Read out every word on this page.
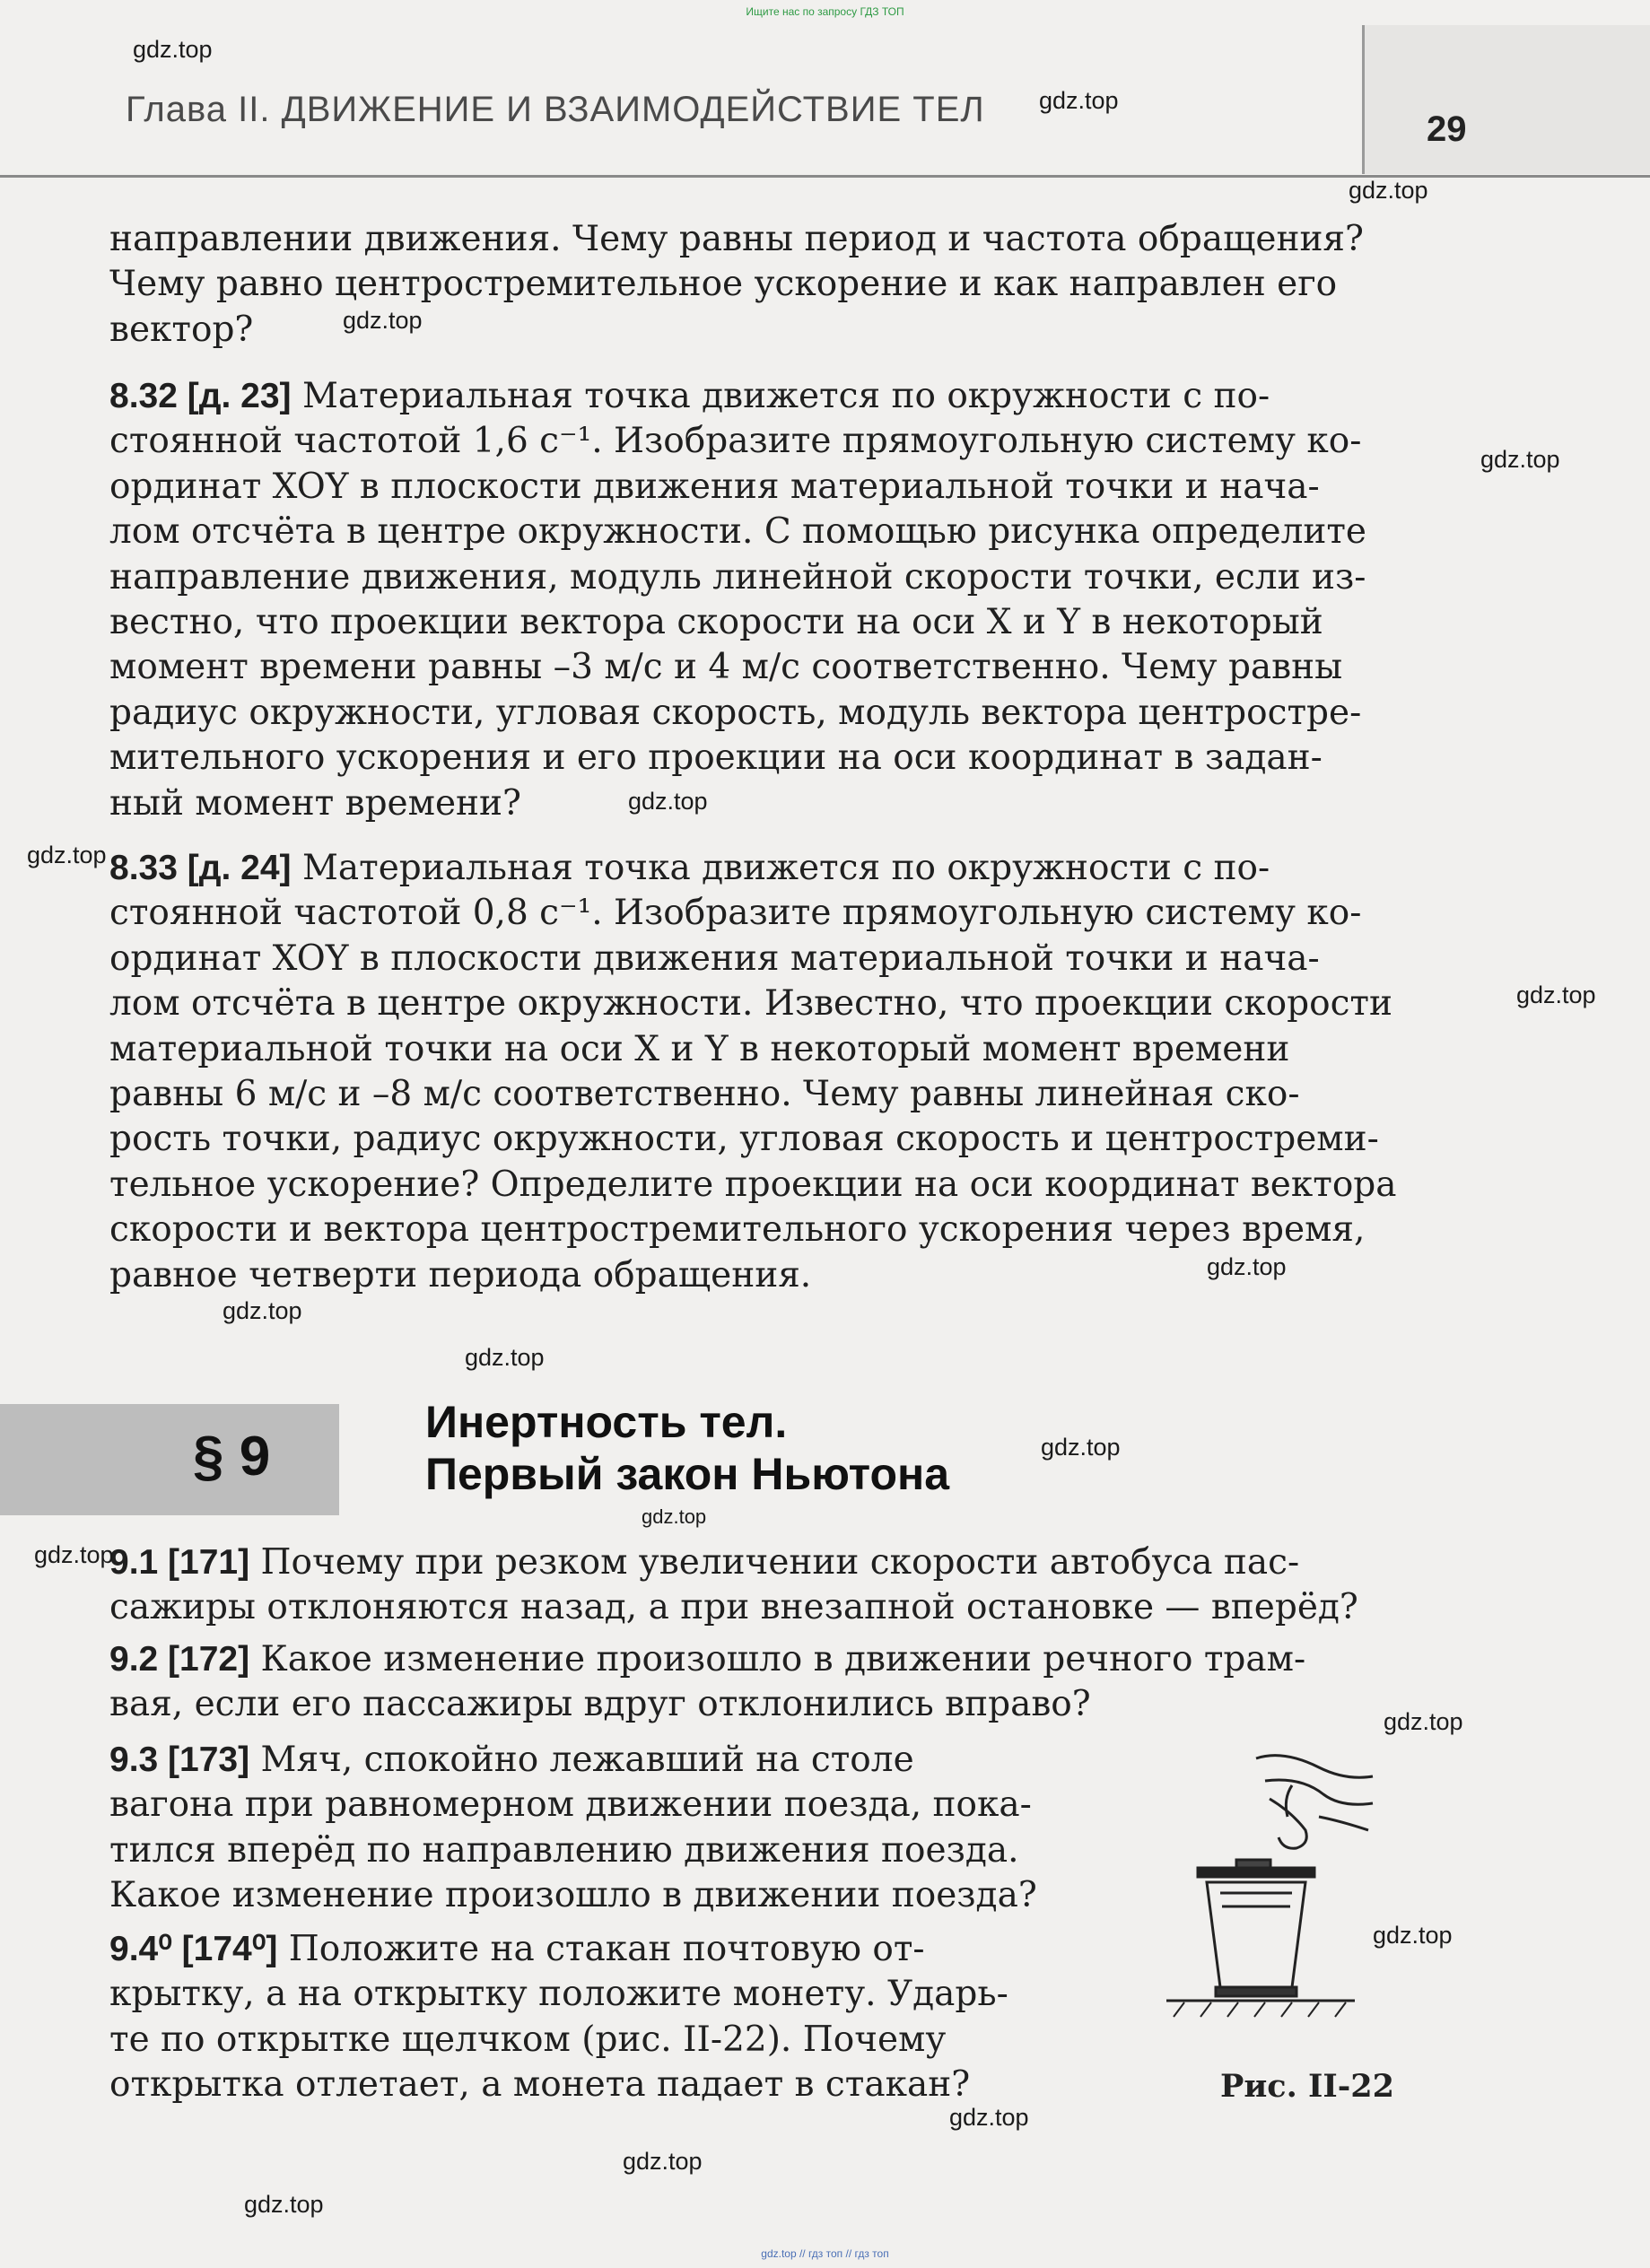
Ищите нас по запросу ГДЗ ТОП
gdz.top // гдз топ // гдз топ
29
Глава II. ДВИЖЕНИЕ И ВЗАИМОДЕЙСТВИЕ ТЕЛ
направлении движения. Чему равны период и частота обращения?
Чему равно центростремительное ускорение и как направлен его
вектор?
8.32 [д. 23] Материальная точка движется по окружности с по-
стоянной частотой 1,6 с⁻¹. Изобразите прямоугольную систему ко-
ординат XOY в плоскости движения материальной точки и нача-
лом отсчёта в центре окружности. С помощью рисунка определите
направление движения, модуль линейной скорости точки, если из-
вестно, что проекции вектора скорости на оси X и Y в некоторый
момент времени равны –3 м/с и 4 м/с соответственно. Чему равны
радиус окружности, угловая скорость, модуль вектора центростре-
мительного ускорения и его проекции на оси координат в задан-
ный момент времени?
8.33 [д. 24] Материальная точка движется по окружности с по-
стоянной частотой 0,8 с⁻¹. Изобразите прямоугольную систему ко-
ординат XOY в плоскости движения материальной точки и нача-
лом отсчёта в центре окружности. Известно, что проекции скорости
материальной точки на оси X и Y в некоторый момент времени
равны 6 м/с и –8 м/с соответственно. Чему равны линейная ско-
рость точки, радиус окружности, угловая скорость и центростреми-
тельное ускорение? Определите проекции на оси координат вектора
скорости и вектора центростремительного ускорения через время,
равное четверти периода обращения.
§ 9
Инертность тел.
Первый закон Ньютона
9.1 [171] Почему при резком увеличении скорости автобуса пас-
сажиры отклоняются назад, а при внезапной остановке — вперёд?
9.2 [172] Какое изменение произошло в движении речного трам-
вая, если его пассажиры вдруг отклонились вправо?
9.3 [173] Мяч, спокойно лежавший на столе
вагона при равномерном движении поезда, пока-
тился вперёд по направлению движения поезда.
Какое изменение произошло в движении поезда?
9.4⁰ [174⁰] Положите на стакан почтовую от-
крытку, а на открытку положите монету. Ударь-
те по открытке щелчком (рис. II-22). Почему
открытка отлетает, а монета падает в стакан?	Рис. II-22
gdz.top
gdz.top
gdz.top
gdz.top
gdz.top
gdz.top
gdz.top
gdz.top
gdz.top
gdz.top
gdz.top
gdz.top
gdz.top
gdz.top
gdz.top
gdz.top
gdz.top
gdz.top
gdz.top
